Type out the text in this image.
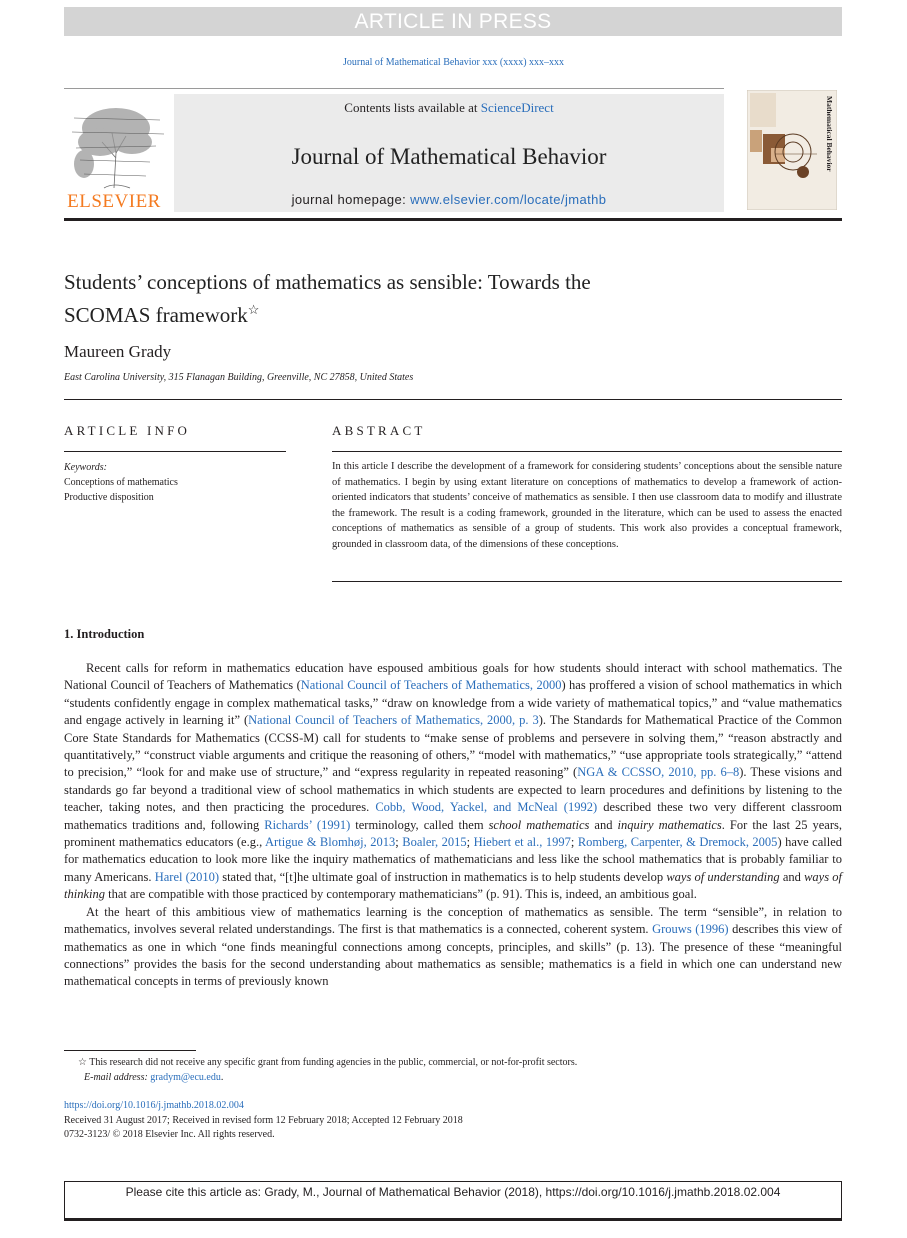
ARTICLE IN PRESS
Journal of Mathematical Behavior xxx (xxxx) xxx–xxx
ELSEVIER
Contents lists available at ScienceDirect
Journal of Mathematical Behavior
journal homepage: www.elsevier.com/locate/jmathb
Mathematical Behavior
Students’ conceptions of mathematics as sensible: Towards the
SCOMAS framework☆
Maureen Grady
East Carolina University, 315 Flanagan Building, Greenville, NC 27858, United States
ARTICLE INFO
Keywords:
Conceptions of mathematics
Productive disposition
ABSTRACT
In this article I describe the development of a framework for considering students’ conceptions about the sensible nature of mathematics. I begin by using extant literature on conceptions of mathematics to develop a framework of action-oriented indicators that students’ conceive of mathematics as sensible. I then use classroom data to modify and illustrate the framework. The result is a coding framework, grounded in the literature, which can be used to assess the enacted conceptions of mathematics as sensible of a group of students. This work also provides a conceptual framework, grounded in classroom data, of the dimensions of these conceptions.
1. Introduction

Recent calls for reform in mathematics education have espoused ambitious goals for how students should interact with school mathematics. The National Council of Teachers of Mathematics (National Council of Teachers of Mathematics, 2000) has proffered a vision of school mathematics in which “students confidently engage in complex mathematical tasks,” “draw on knowledge from a wide variety of mathematical topics,” and “value mathematics and engage actively in learning it” (National Council of Teachers of Mathematics, 2000, p. 3). The Standards for Mathematical Practice of the Common Core State Standards for Mathematics (CCSS-M) call for students to “make sense of problems and persevere in solving them,” “reason abstractly and quantitatively,” “construct viable arguments and critique the reasoning of others,” “model with mathematics,” “use appropriate tools strategically,” “attend to precision,” “look for and make use of structure,” and “express regularity in repeated reasoning” (NGA & CCSSO, 2010, pp. 6–8). These visions and standards go far beyond a traditional view of school mathematics in which students are expected to learn procedures and definitions by listening to the teacher, taking notes, and then practicing the procedures. Cobb, Wood, Yackel, and McNeal (1992) described these two very different classroom mathematics traditions and, following Richards’ (1991) terminology, called them school mathematics and inquiry mathematics. For the last 25 years, prominent mathematics educators (e.g., Artigue & Blomhøj, 2013; Boaler, 2015; Hiebert et al., 1997; Romberg, Carpenter, & Dremock, 2005) have called for mathematics education to look more like the inquiry mathematics of mathematicians and less like the school mathematics that is probably familiar to many Americans. Harel (2010) stated that, “[t]he ultimate goal of instruction in mathematics is to help students develop ways of understanding and ways of thinking that are compatible with those practiced by contemporary mathematicians” (p. 91). This is, indeed, an ambitious goal.

At the heart of this ambitious view of mathematics learning is the conception of mathematics as sensible. The term “sensible”, in relation to mathematics, involves several related understandings. The first is that mathematics is a connected, coherent system. Grouws (1996) describes this view of mathematics as one in which “one finds meaningful connections among concepts, principles, and skills” (p. 13). The presence of these “meaningful connections” provides the basis for the second understanding about mathematics as sensible; mathematics is a field in which one can understand new mathematical concepts in terms of previously known

☆ This research did not receive any specific grant from funding agencies in the public, commercial, or not-for-profit sectors.
E-mail address: gradym@ecu.edu.
https://doi.org/10.1016/j.jmathb.2018.02.004
Received 31 August 2017; Received in revised form 12 February 2018; Accepted 12 February 2018
0732-3123/ © 2018 Elsevier Inc. All rights reserved.
Please cite this article as: Grady, M., Journal of Mathematical Behavior (2018), https://doi.org/10.1016/j.jmathb.2018.02.004
